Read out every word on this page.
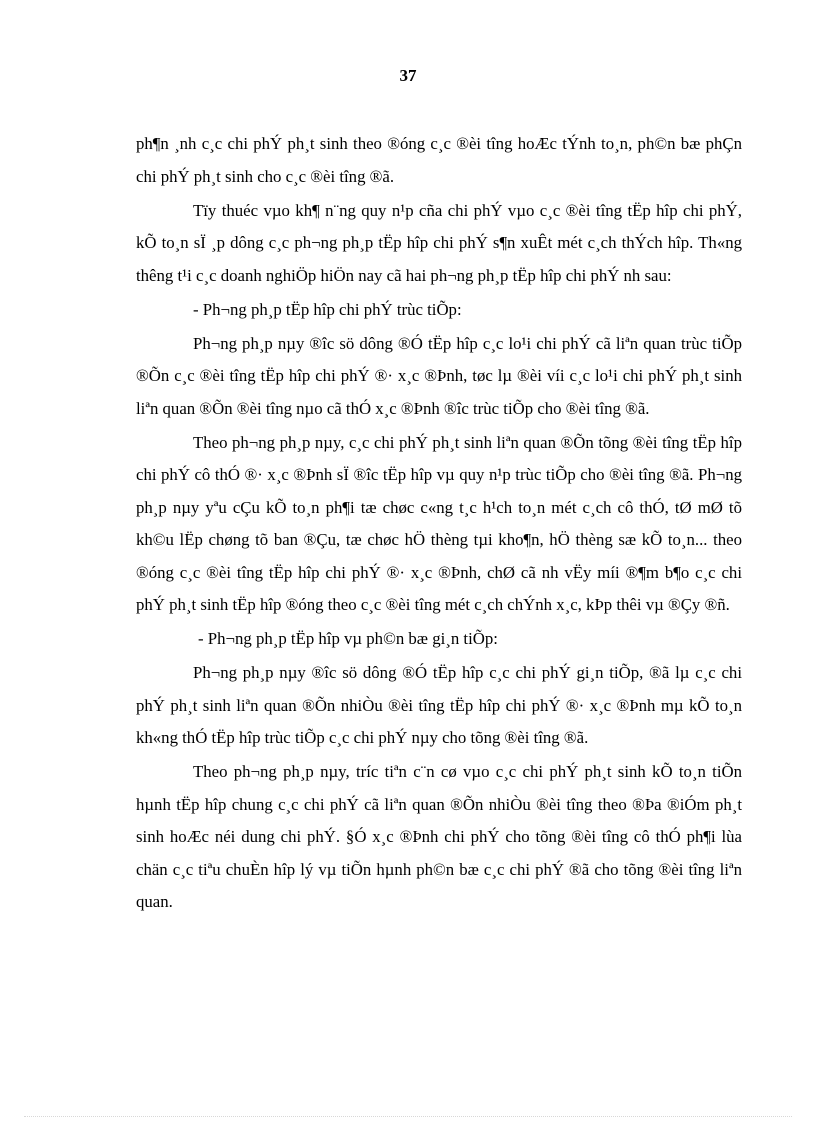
37

ph¶n ¸nh c¸c chi phÝ ph¸t sinh theo ®óng c¸c ®èi tîng hoÆc tÝnh to¸n, ph©n bæ phÇn chi phÝ ph¸t sinh cho c¸c ®èi tîng ®ã.

Tïy thuéc vµo kh¶ n¨ng quy n¹p cña chi phÝ vµo c¸c ®èi tîng tËp hîp chi phÝ, kÕ to¸n sÏ ¸p dông c¸c ph¬ng ph¸p tËp hîp chi phÝ s¶n xuÊt mét c¸ch thÝch hîp. Th«ng thêng t¹i c¸c doanh nghiÖp hiÖn nay cã hai ph¬ng ph¸p tËp hîp chi phÝ nh sau:

- Ph¬ng ph¸p tËp hîp chi phÝ trùc tiÕp:

Ph¬ng ph¸p nµy ®îc sö dông ®Ó tËp hîp c¸c lo¹i chi phÝ cã liªn quan trùc tiÕp ®Õn c¸c ®èi tîng tËp hîp chi phÝ ®· x¸c ®Þnh, tøc lµ ®èi víi c¸c lo¹i chi phÝ ph¸t sinh liªn quan ®Õn ®èi tîng nµo cã thÓ x¸c ®Þnh ®îc trùc tiÕp cho ®èi tîng ®ã.

Theo ph¬ng ph¸p nµy, c¸c chi phÝ ph¸t sinh liªn quan ®Õn tõng ®èi tîng tËp hîp chi phÝ cô thÓ ®· x¸c ®Þnh sÏ ®îc tËp hîp vµ quy n¹p trùc tiÕp cho ®èi tîng ®ã. Ph¬ng ph¸p nµy yªu cÇu kÕ to¸n ph¶i tæ chøc c«ng t¸c h¹ch to¸n mét c¸ch cô thÓ, tØ mØ tõ kh©u lËp chøng tõ ban ®Çu, tæ chøc hÖ thèng tµi kho¶n, hÖ thèng sæ kÕ to¸n... theo ®óng c¸c ®èi tîng tËp hîp chi phÝ ®· x¸c ®Þnh, chØ cã nh vËy míi ®¶m b¶o c¸c chi phÝ ph¸t sinh tËp hîp ®óng theo c¸c ®èi tîng mét c¸ch chÝnh x¸c, kÞp thêi vµ ®Çy ®ñ.

- Ph¬ng ph¸p tËp hîp vµ ph©n bæ gi¸n tiÕp:

Ph¬ng ph¸p nµy ®îc sö dông ®Ó tËp hîp c¸c chi phÝ gi¸n tiÕp, ®ã lµ c¸c chi phÝ ph¸t sinh liªn quan ®Õn nhiÒu ®èi tîng tËp hîp chi phÝ ®· x¸c ®Þnh mµ kÕ to¸n kh«ng thÓ tËp hîp trùc tiÕp c¸c chi phÝ nµy cho tõng ®èi tîng ®ã.

Theo ph¬ng ph¸p nµy, tríc tiªn c¨n cø vµo c¸c chi phÝ ph¸t sinh kÕ to¸n tiÕn hµnh tËp hîp chung c¸c chi phÝ cã liªn quan ®Õn nhiÒu ®èi tîng theo ®Þa ®iÓm ph¸t sinh hoÆc néi dung chi phÝ. §Ó x¸c ®Þnh chi phÝ cho tõng ®èi tîng cô thÓ ph¶i lùa chän c¸c tiªu chuÈn hîp lý vµ tiÕn hµnh ph©n bæ c¸c chi phÝ ®ã cho tõng ®èi tîng liªn quan.
